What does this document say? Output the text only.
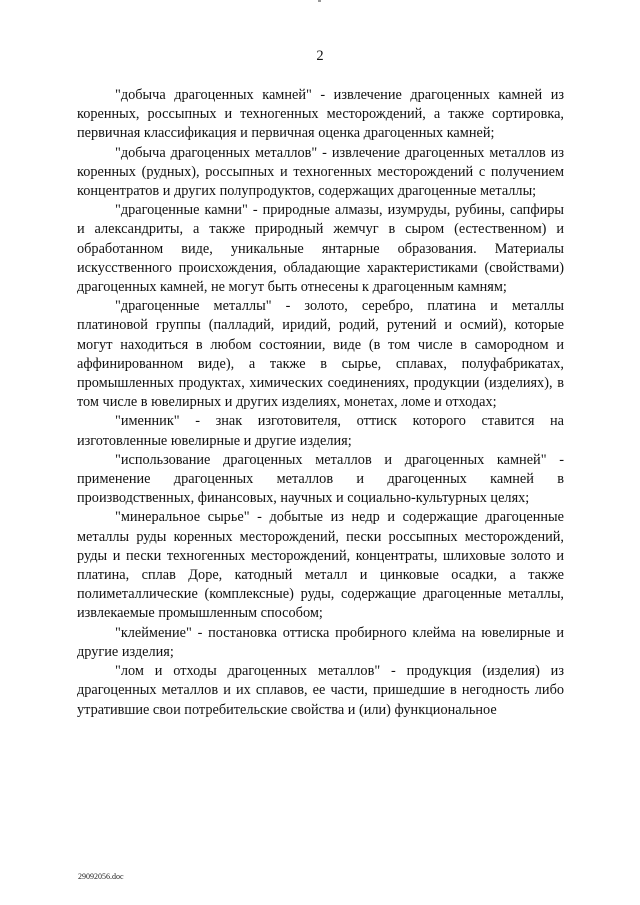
2

"добыча драгоценных камней" - извлечение драгоценных камней из коренных, россыпных и техногенных месторождений, а также сортировка, первичная классификация и первичная оценка драгоценных камней;

"добыча драгоценных металлов" - извлечение драгоценных металлов из коренных (рудных), россыпных и техногенных месторождений с получением концентратов и других полупродуктов, содержащих драгоценные металлы;

"драгоценные камни" - природные алмазы, изумруды, рубины, сапфиры и александриты, а также природный жемчуг в сыром (естественном) и обработанном виде, уникальные янтарные образования. Материалы искусственного происхождения, обладающие характеристиками (свойствами) драгоценных камней, не могут быть отнесены к драгоценным камням;

"драгоценные металлы" - золото, серебро, платина и металлы платиновой группы (палладий, иридий, родий, рутений и осмий), которые могут находиться в любом состоянии, виде (в том числе в самородном и аффинированном виде), а также в сырье, сплавах, полуфабрикатах, промышленных продуктах, химических соединениях, продукции (изделиях), в том числе в ювелирных и других изделиях, монетах, ломе и отходах;

"именник" - знак изготовителя, оттиск которого ставится на изготовленные ювелирные и другие изделия;

"использование драгоценных металлов и драгоценных камней" - применение драгоценных металлов и драгоценных камней в производственных, финансовых, научных и социально-культурных целях;

"минеральное сырье" - добытые из недр и содержащие драгоценные металлы руды коренных месторождений, пески россыпных месторождений, руды и пески техногенных месторождений, концентраты, шлиховые золото и платина, сплав Доре, катодный металл и цинковые осадки, а также полиметаллические (комплексные) руды, содержащие драгоценные металлы, извлекаемые промышленным способом;

"клеймение" - постановка оттиска пробирного клейма на ювелирные и другие изделия;

"лом и отходы драгоценных металлов" - продукция (изделия) из драгоценных металлов и их сплавов, ее части, пришедшие в негодность либо утратившие свои потребительские свойства и (или) функциональное

29092056.doc
